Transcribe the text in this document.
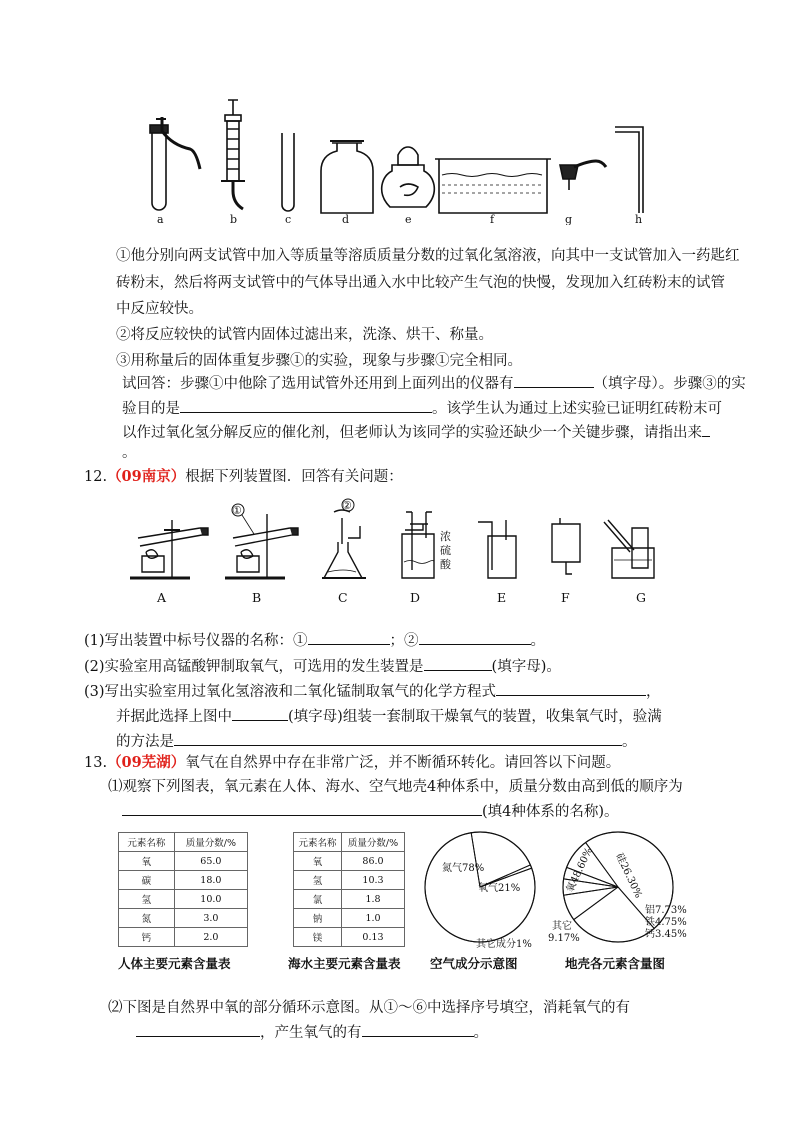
a	b	c	d	e	f	g	h
①他分别向两支试管中加入等质量等溶质质量分数的过氧化氢溶液，向其中一支试管加入一药匙红
砖粉末，然后将两支试管中的气体导出通入水中比较产生气泡的快慢，发现加入红砖粉末的试管
中反应较快。
②将反应较快的试管内固体过滤出来，洗涤、烘干、称量。
③用称量后的固体重复步骤①的实验，现象与步骤①完全相同。
试回答：步骤①中他除了选用试管外还用到上面列出的仪器有	（填字母）。步骤③的实
验目的是	。该学生认为通过上述实验已证明红砖粉末可
以作过氧化氢分解反应的催化剂，但老师认为该同学的实验还缺少一个关键步骤，请指出来
。
12.（09南京）根据下列装置图．回答有关问题：
A	B	C	D	E	F	G
①	②
浓
硫
酸
(1)写出装置中标号仪器的名称：①	；②	。
(2)实验室用高锰酸钾制取氧气，可选用的发生装置是	(填字母)。
(3)写出实验室用过氧化氢溶液和二氧化锰制取氧气的化学方程式	，
并据此选择上图中	(填字母)组装一套制取干燥氧气的装置，收集氧气时，验满
的方法是	。
13.（09芜湖）氧气在自然界中存在非常广泛，并不断循环转化。请回答以下问题。
⑴观察下列图表，氧元素在人体、海水、空气地壳4种体系中，质量分数由高到低的顺序为
(填4种体系的名称)。
元素名称	质量分数/%
氧	65.0
碳	18.0
氢	10.0
氮	3.0
钙	2.0
人体主要元素含量表
元素名称	质量分数/%
氧	86.0
氢	10.3
氯	1.8
钠	1.0
镁	0.13
海水主要元素含量表
氮气78%
氧气21%
其它成分1%
氧48.60% 硅26.30%
铝7.73%
铁4.75%
钙3.45%
其它
9.17%
空气成分示意图	地壳各元素含量图
⑵下图是自然界中氧的部分循环示意图。从①～⑥中选择序号填空，消耗氧气的有
，产生氧气的有	。
